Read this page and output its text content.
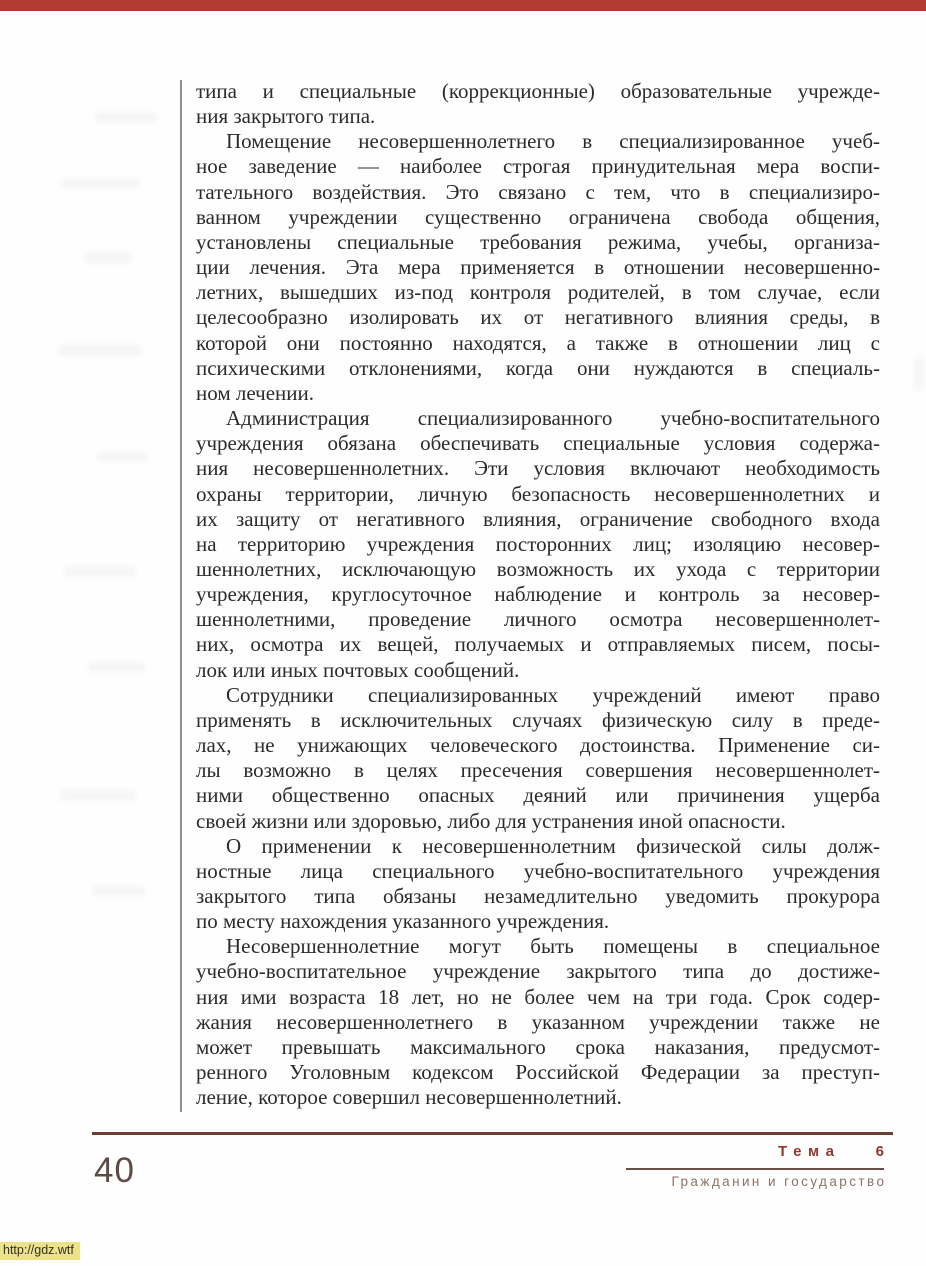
типа и специальные (коррекционные) образовательные учрежде-
ния закрытого типа.
Помещение несовершеннолетнего в специализированное учеб-
ное заведение — наиболее строгая принудительная мера воспи-
тательного воздействия. Это связано с тем, что в специализиро-
ванном учреждении существенно ограничена свобода общения,
установлены специальные требования режима, учебы, организа-
ции лечения. Эта мера применяется в отношении несовершенно-
летних, вышедших из-под контроля родителей, в том случае, если
целесообразно изолировать их от негативного влияния среды, в
которой они постоянно находятся, а также в отношении лиц с
психическими отклонениями, когда они нуждаются в специаль-
ном лечении.
Администрация специализированного учебно-воспитательного
учреждения обязана обеспечивать специальные условия содержа-
ния несовершеннолетних. Эти условия включают необходимость
охраны территории, личную безопасность несовершеннолетних и
их защиту от негативного влияния, ограничение свободного входа
на территорию учреждения посторонних лиц; изоляцию несовер-
шеннолетних, исключающую возможность их ухода с территории
учреждения, круглосуточное наблюдение и контроль за несовер-
шеннолетними, проведение личного осмотра несовершеннолет-
них, осмотра их вещей, получаемых и отправляемых писем, посы-
лок или иных почтовых сообщений.
Сотрудники специализированных учреждений имеют право
применять в исключительных случаях физическую силу в преде-
лах, не унижающих человеческого достоинства. Применение си-
лы возможно в целях пресечения совершения несовершеннолет-
ними общественно опасных деяний или причинения ущерба
своей жизни или здоровью, либо для устранения иной опасности.
О применении к несовершеннолетним физической силы долж-
ностные лица специального учебно-воспитательного учреждения
закрытого типа обязаны незамедлительно уведомить прокурора
по месту нахождения указанного учреждения.
Несовершеннолетние могут быть помещены в специальное
учебно-воспитательное учреждение закрытого типа до достиже-
ния ими возраста 18 лет, но не более чем на три года. Срок содер-
жания несовершеннолетнего в указанном учреждении также не
может превышать максимального срока наказания, предусмот-
ренного Уголовным кодексом Российской Федерации за преступ-
ление, которое совершил несовершеннолетний.
40	Тема 6
Гражданин и государство
http://gdz.wtf
